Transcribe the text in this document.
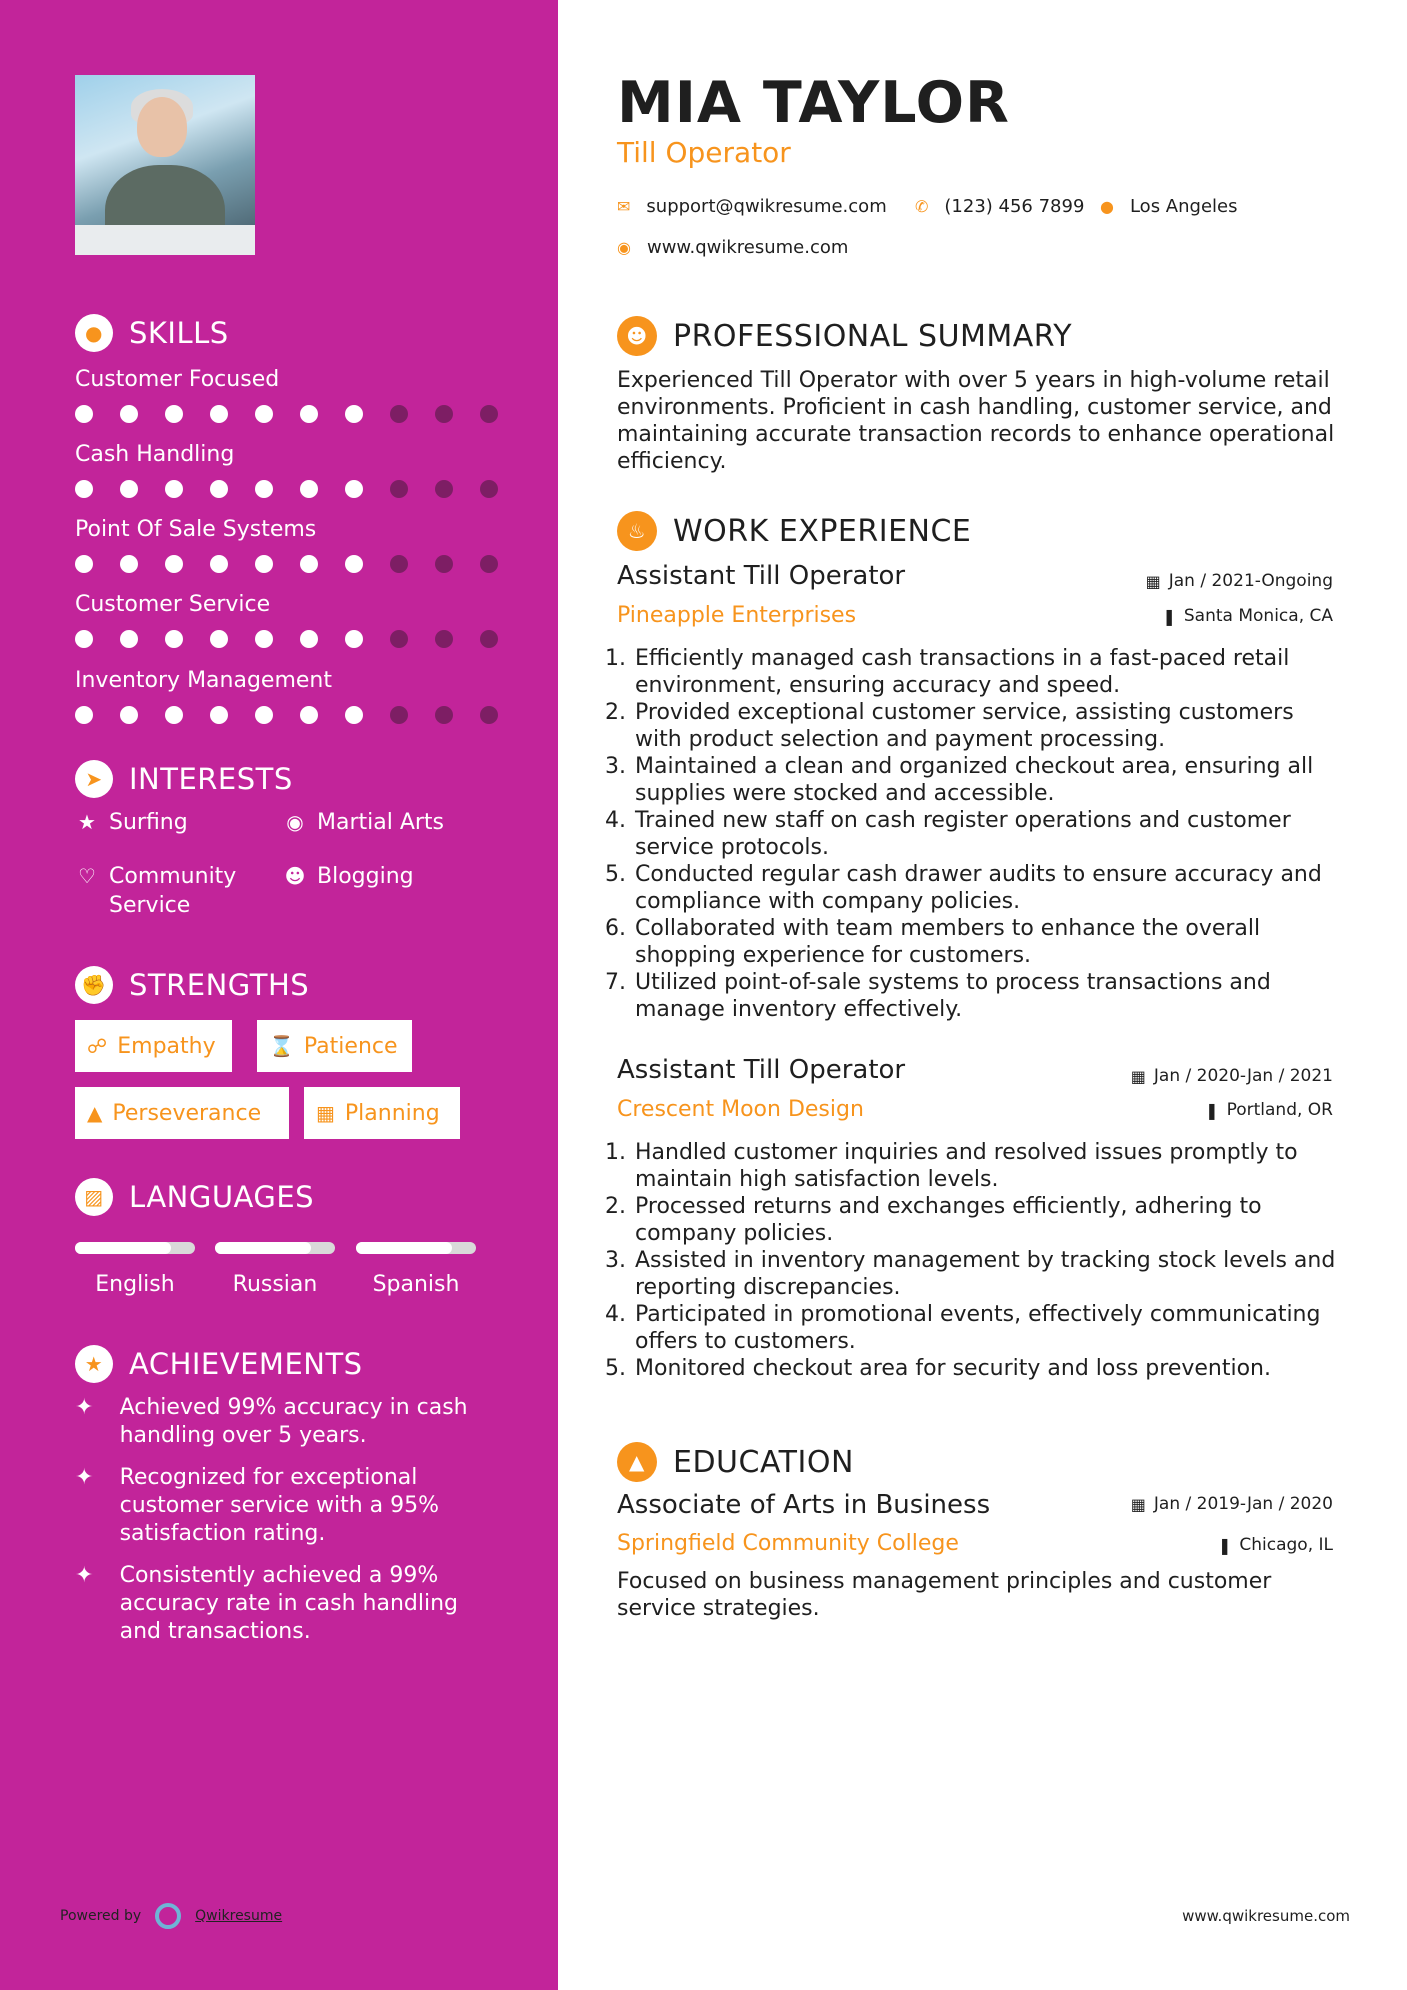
● SKILLS
Customer Focused
Cash Handling
Point Of Sale Systems
Customer Service
Inventory Management
➤ INTERESTS
★ Surfing	◉ Martial Arts
♡ Community Service
☻ Blogging
✊ STRENGTHS
☍ Empathy	⌛ Patience
▲ Perseverance	▦ Planning
▨ LANGUAGES
English	Russian	Spanish
★ ACHIEVEMENTS
✦	Achieved 99% accuracy in cash handling over 5 years.
✦	Recognized for exceptional customer service with a 95% satisfaction rating.
✦	Consistently achieved a 99% accuracy rate in cash handling and transactions.
Powered by	Qwikresume
MIA TAYLOR
Till Operator
✉ support@qwikresume.com ✆ (123) 456 7899 ● Los Angeles
◉ www.qwikresume.com
☻ PROFESSIONAL SUMMARY
Experienced Till Operator with over 5 years in high-volume retail environments. Proficient in cash handling, customer service, and maintaining accurate transaction records to enhance operational efficiency.
♨ WORK EXPERIENCE
Assistant Till Operator
Pineapple Enterprises
▦ Jan / 2021-Ongoing
❚ Santa Monica, CA
1. Efficiently managed cash transactions in a fast-paced retail environment, ensuring accuracy and speed.
2. Provided exceptional customer service, assisting customers with product selection and payment processing.
3. Maintained a clean and organized checkout area, ensuring all supplies were stocked and accessible.
4. Trained new staff on cash register operations and customer service protocols.
5. Conducted regular cash drawer audits to ensure accuracy and compliance with company policies.
6. Collaborated with team members to enhance the overall shopping experience for customers.
7. Utilized point-of-sale systems to process transactions and manage inventory effectively.
Assistant Till Operator
Crescent Moon Design
▦ Jan / 2020-Jan / 2021
❚ Portland, OR
1. Handled customer inquiries and resolved issues promptly to maintain high satisfaction levels.
2. Processed returns and exchanges efficiently, adhering to company policies.
3. Assisted in inventory management by tracking stock levels and reporting discrepancies.
4. Participated in promotional events, effectively communicating offers to customers.
5. Monitored checkout area for security and loss prevention.
▲ EDUCATION
Associate of Arts in Business
Springfield Community College
▦ Jan / 2019-Jan / 2020
❚ Chicago, IL
Focused on business management principles and customer service strategies.
www.qwikresume.com
